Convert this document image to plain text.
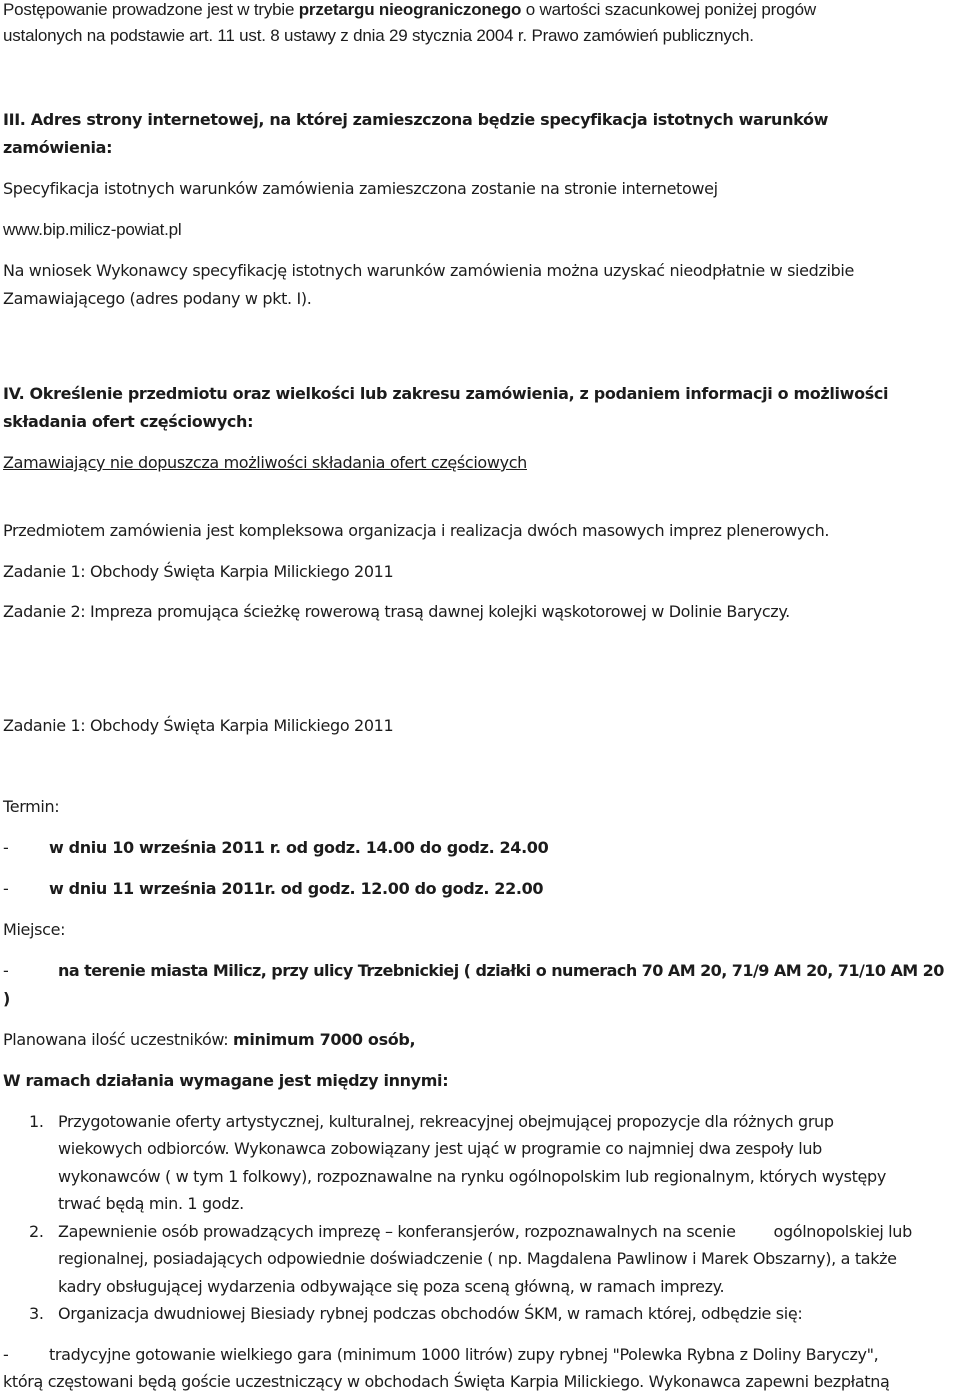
Postępowanie prowadzone jest w trybie przetargu nieograniczonego o wartości szacunkowej poniżej progów

ustalonych na podstawie art. 11 ust. 8 ustawy z dnia 29 stycznia 2004 r. Prawo zamówień publicznych.

III. Adres strony internetowej, na której zamieszczona będzie specyfikacja istotnych warunków

zamówienia:

Specyfikacja istotnych warunków zamówienia zamieszczona zostanie na stronie internetowej

www.bip.milicz-powiat.pl

Na wniosek Wykonawcy specyfikację istotnych warunków zamówienia można uzyskać nieodpłatnie w siedzibie

Zamawiającego (adres podany w pkt. I).

IV. Określenie przedmiotu oraz wielkości lub zakresu zamówienia, z podaniem informacji o możliwości

składania ofert częściowych:

Zamawiający nie dopuszcza możliwości składania ofert częściowych

Przedmiotem zamówienia jest kompleksowa organizacja i realizacja dwóch masowych imprez plenerowych.

Zadanie 1: Obchody Święta Karpia Milickiego 2011

Zadanie 2: Impreza promująca ścieżkę rowerową trasą dawnej kolejki wąskotorowej w Dolinie Baryczy.

Zadanie 1: Obchody Święta Karpia Milickiego 2011

Termin:

-	w dniu 10 września 2011 r. od godz. 14.00 do godz. 24.00

-	w dniu 11 września 2011r. od godz. 12.00 do godz. 22.00

Miejsce:

-	na terenie miasta Milicz, przy ulicy Trzebnickiej ( działki o numerach 70 AM 20, 71/9 AM 20, 71/10 AM 20

)

Planowana ilość uczestników: minimum 7000 osób,

W ramach działania wymagane jest między innymi:

1. Przygotowanie oferty artystycznej, kulturalnej, rekreacyjnej obejmującej propozycje dla różnych grup
wiekowych odbiorców. Wykonawca zobowiązany jest ująć w programie co najmniej dwa zespoły lub
wykonawców ( w tym 1 folkowy), rozpoznawalne na rynku ogólnopolskim lub regionalnym, których występy
trwać będą min. 1 godz.
2. Zapewnienie osób prowadzących imprezę – konferansjerów, rozpoznawalnych na scenie        ogólnopolskiej lub
regionalnej, posiadających odpowiednie doświadczenie ( np. Magdalena Pawlinow i Marek Obszarny), a także
kadry obsługującej wydarzenia odbywające się poza sceną główną, w ramach imprezy.
3. Organizacja dwudniowej Biesiady rybnej podczas obchodów ŚKM, w ramach której, odbędzie się:

-	tradycyjne gotowanie wielkiego gara (minimum 1000 litrów) zupy rybnej "Polewka Rybna z Doliny Baryczy",

którą częstowani będą goście uczestniczący w obchodach Święta Karpia Milickiego. Wykonawca zapewni bezpłatną
